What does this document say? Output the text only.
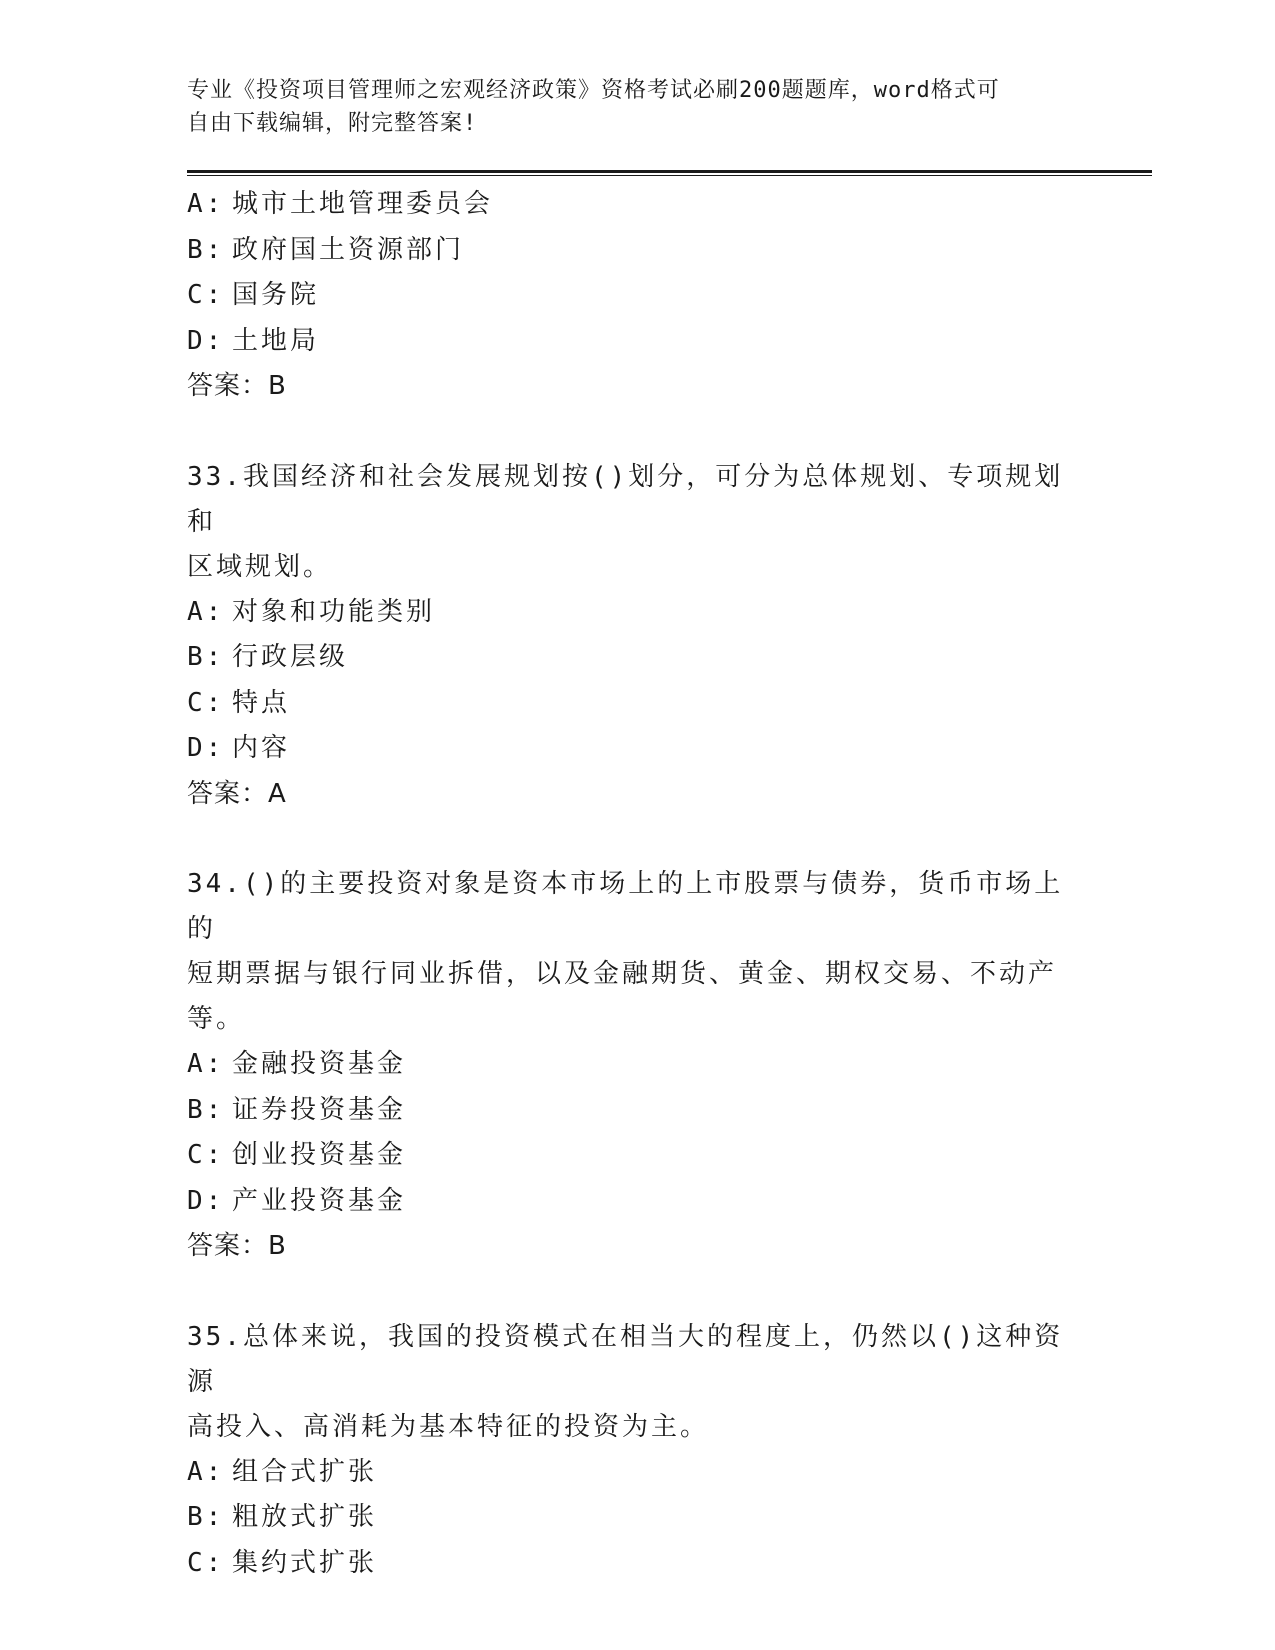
专业《投资项目管理师之宏观经济政策》资格考试必刷200题题库，word格式可
自由下载编辑，附完整答案!
A: 城市土地管理委员会
B: 政府国土资源部门
C: 国务院
D: 土地局
答案：B
33.我国经济和社会发展规划按()划分，可分为总体规划、专项规划和
区域规划。
A: 对象和功能类别
B: 行政层级
C: 特点
D: 内容
答案：A
34.()的主要投资对象是资本市场上的上市股票与债券，货币市场上的
短期票据与银行同业拆借，以及金融期货、黄金、期权交易、不动产
等。
A: 金融投资基金
B: 证券投资基金
C: 创业投资基金
D: 产业投资基金
答案：B
35.总体来说，我国的投资模式在相当大的程度上，仍然以()这种资源
高投入、高消耗为基本特征的投资为主。
A: 组合式扩张
B: 粗放式扩张
C: 集约式扩张
